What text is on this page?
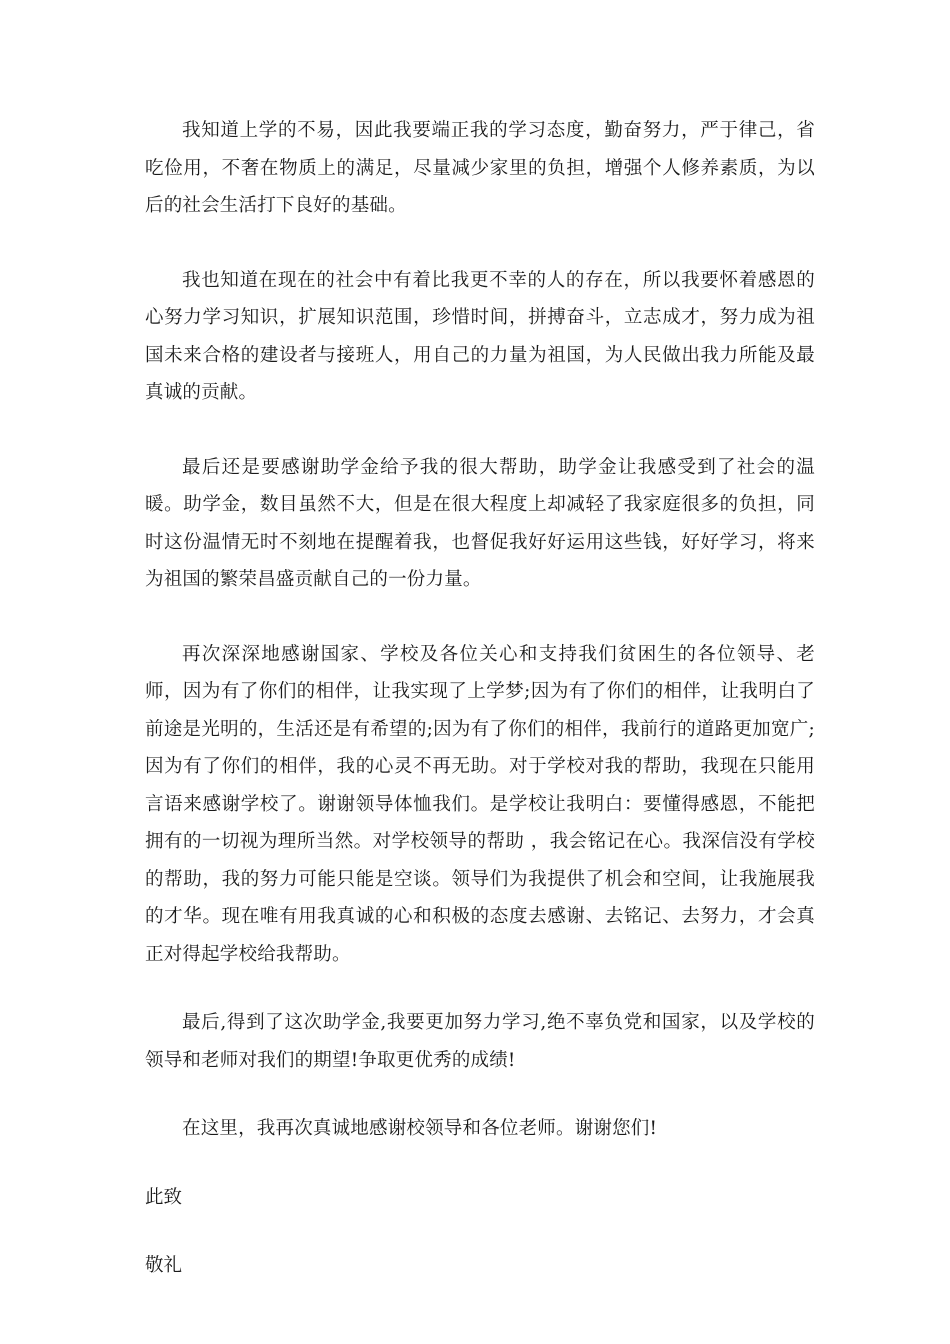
我知道上学的不易，因此我要端正我的学习态度，勤奋努力，严于律己，省吃俭用，不奢在物质上的满足，尽量减少家里的负担，增强个人修养素质，为以后的社会生活打下良好的基础。

我也知道在现在的社会中有着比我更不幸的人的存在，所以我要怀着感恩的心努力学习知识，扩展知识范围，珍惜时间，拼搏奋斗，立志成才，努力成为祖国未来合格的建设者与接班人，用自己的力量为祖国，为人民做出我力所能及最真诚的贡献。

最后还是要感谢助学金给予我的很大帮助，助学金让我感受到了社会的温暖。助学金，数目虽然不大，但是在很大程度上却减轻了我家庭很多的负担，同时这份温情无时不刻地在提醒着我，也督促我好好运用这些钱，好好学习，将来为祖国的繁荣昌盛贡献自己的一份力量。

再次深深地感谢国家、学校及各位关心和支持我们贫困生的各位领导、老师，因为有了你们的相伴，让我实现了上学梦;因为有了你们的相伴，让我明白了前途是光明的，生活还是有希望的;因为有了你们的相伴，我前行的道路更加宽广;因为有了你们的相伴，我的心灵不再无助。对于学校对我的帮助，我现在只能用言语来感谢学校了。谢谢领导体恤我们。是学校让我明白：要懂得感恩，不能把拥有的一切视为理所当然。对学校领导的帮助 ，我会铭记在心。我深信没有学校的帮助，我的努力可能只能是空谈。领导们为我提供了机会和空间，让我施展我的才华。现在唯有用我真诚的心和积极的态度去感谢、去铭记、去努力，才会真正对得起学校给我帮助。

最后,得到了这次助学金,我要更加努力学习,绝不辜负党和国家，以及学校的领导和老师对我们的期望!争取更优秀的成绩!

在这里，我再次真诚地感谢校领导和各位老师。谢谢您们!

此致

敬礼
